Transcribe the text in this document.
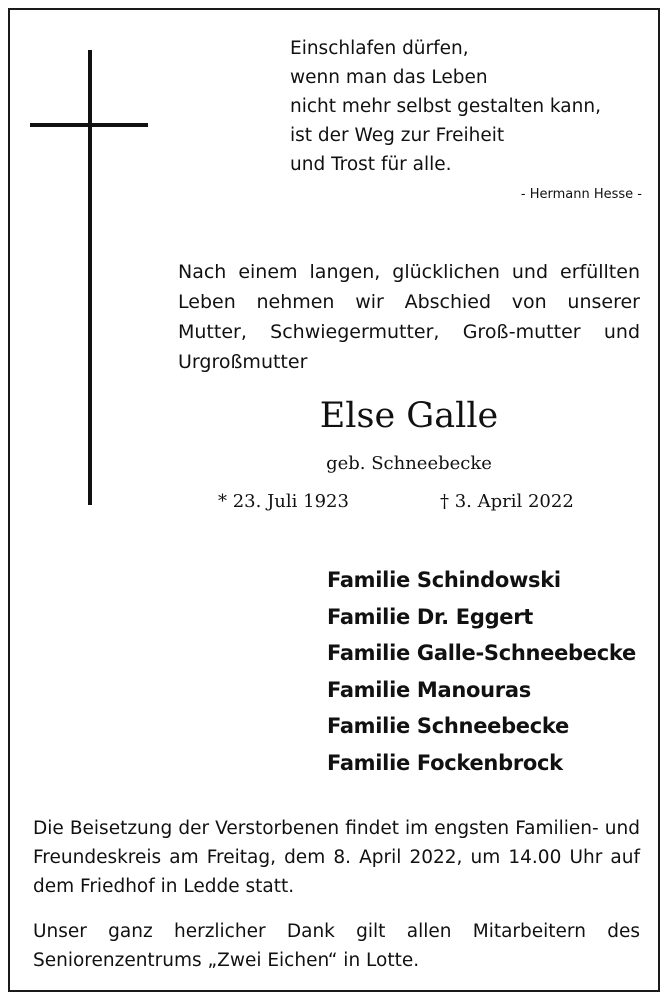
Einschlafen dürfen,
wenn man das Leben
nicht mehr selbst gestalten kann,
ist der Weg zur Freiheit
und Trost für alle.
- Hermann Hesse -
Nach einem langen, glücklichen und erfüllten Leben nehmen wir Abschied von unserer Mutter, Schwiegermutter, Groß-mutter und Urgroßmutter
Else Galle
geb. Schneebecke
* 23. Juli 1923	† 3. April 2022
Familie Schindowski
Familie Dr. Eggert
Familie Galle-Schneebecke
Familie Manouras
Familie Schneebecke
Familie Fockenbrock
Die Beisetzung der Verstorbenen findet im engsten Familien- und Freundeskreis am Freitag, dem 8. April 2022, um 14.00 Uhr auf dem Friedhof in Ledde statt.
Unser ganz herzlicher Dank gilt allen Mitarbeitern des Seniorenzentrums „Zwei Eichen“ in Lotte.
